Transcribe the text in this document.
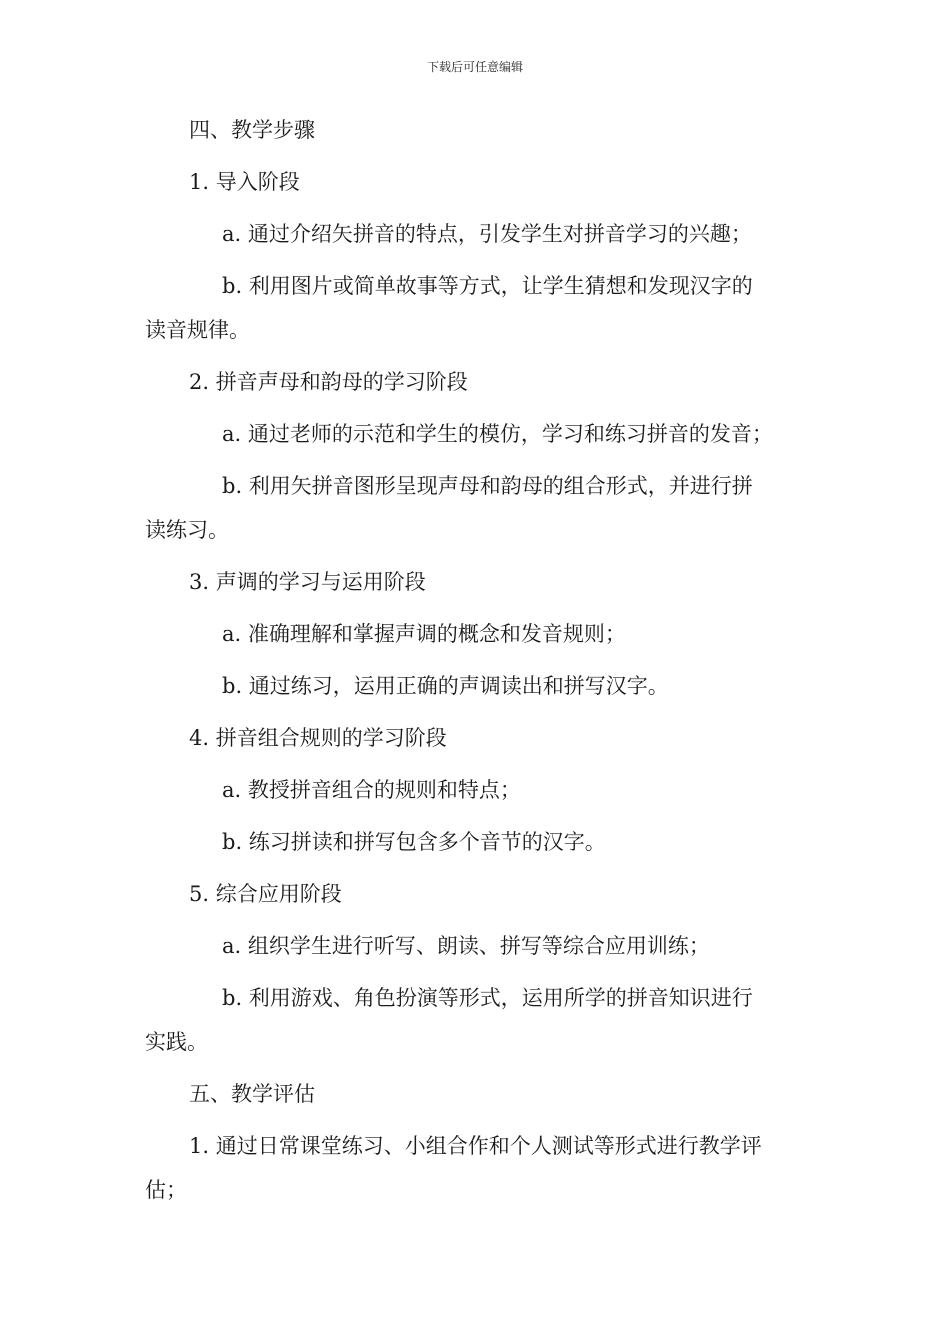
下载后可任意编辑
四、教学步骤
1. 导入阶段
a. 通过介绍矢拼音的特点，引发学生对拼音学习的兴趣；
b. 利用图片或简单故事等方式，让学生猜想和发现汉字的
读音规律。
2. 拼音声母和韵母的学习阶段
a. 通过老师的示范和学生的模仿，学习和练习拼音的发音；
b. 利用矢拼音图形呈现声母和韵母的组合形式，并进行拼
读练习。
3. 声调的学习与运用阶段
a. 准确理解和掌握声调的概念和发音规则；
b. 通过练习，运用正确的声调读出和拼写汉字。
4. 拼音组合规则的学习阶段
a. 教授拼音组合的规则和特点；
b. 练习拼读和拼写包含多个音节的汉字。
5. 综合应用阶段
a. 组织学生进行听写、朗读、拼写等综合应用训练；
b. 利用游戏、角色扮演等形式，运用所学的拼音知识进行
实践。
五、教学评估
1. 通过日常课堂练习、小组合作和个人测试等形式进行教学评
估；
